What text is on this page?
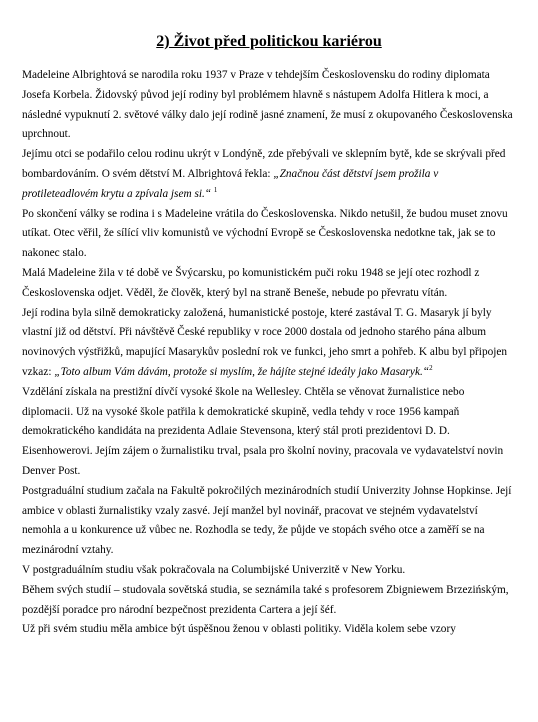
2) Život před politickou kariérou

Madeleine Albrightová se narodila roku 1937 v Praze v tehdejším Československu do rodiny diplomata Josefa Korbela. Židovský původ její rodiny byl problémem hlavně s nástupem Adolfa Hitlera k moci, a následné vypuknutí 2. světové války dalo její rodině jasné znamení, že musí z okupovaného Československa uprchnout.

Jejímu otci se podařilo celou rodinu ukrýt v Londýně, zde přebývali ve sklepním bytě, kde se skrývali před bombardováním. O svém dětství M. Albrightová řekla: „Značnou část dětství jsem prožila v protileteadlovém krytu a zpívala jsem si.“ $^1$

Po skončení války se rodina i s Madeleine vrátila do Československa. Nikdo netušil, že budou muset znovu utíkat. Otec věřil, že sílící vliv komunistů ve východní Evropě se Československa nedotkne tak, jak se to nakonec stalo.

Malá Madeleine žila v té době ve Švýcarsku, po komunistickém puči roku 1948 se její otec rozhodl z Československa odjet. Věděl, že člověk, který byl na straně Beneše, nebude po převratu vítán.

Její rodina byla silně demokraticky založená, humanistické postoje, které zastával T. G. Masaryk jí byly vlastní již od dětství. Při návštěvě České republiky v roce 2000 dostala od jednoho starého pána album novinových výstřižků, mapující Masarykův poslední rok ve funkci, jeho smrt a pohřeb. K albu byl připojen vzkaz: „Toto album Vám dávám, protože si myslím, že hájíte stejné ideály jako Masaryk.“$^2$

Vzdělání získala na prestižní dívčí vysoké škole na Wellesley. Chtěla se věnovat žurnalistice nebo diplomacii. Už na vysoké škole patřila k demokratické skupině, vedla tehdy v roce 1956 kampaň demokratického kandidáta na prezidenta Adlaie Stevensona, který stál proti prezidentovi D. D. Eisenhowerovi. Jejím zájem o žurnalistiku trval, psala pro školní noviny, pracovala ve vydavatelství novin Denver Post.

Postgraduální studium začala na Fakultě pokročilých mezinárodních studií Univerzity Johnse Hopkinse. Její ambice v oblasti žurnalistiky vzaly zasvé. Její manžel byl novinář, pracovat ve stejném vydavatelství nemohla a u konkurence už vůbec ne. Rozhodla se tedy, že půjde ve stopách svého otce a zaměří se na mezinárodní vztahy.

V postgraduálním studiu však pokračovala na Columbijské Univerzitě v New Yorku.

Během svých studií – studovala sovětská studia, se seznámila také s profesorem Zbigniewem Brzezińským, pozdější poradce pro národní bezpečnost prezidenta Cartera a její šéf.

Už při svém studiu měla ambice být úspěšnou ženou v oblasti politiky. Viděla kolem sebe vzory
